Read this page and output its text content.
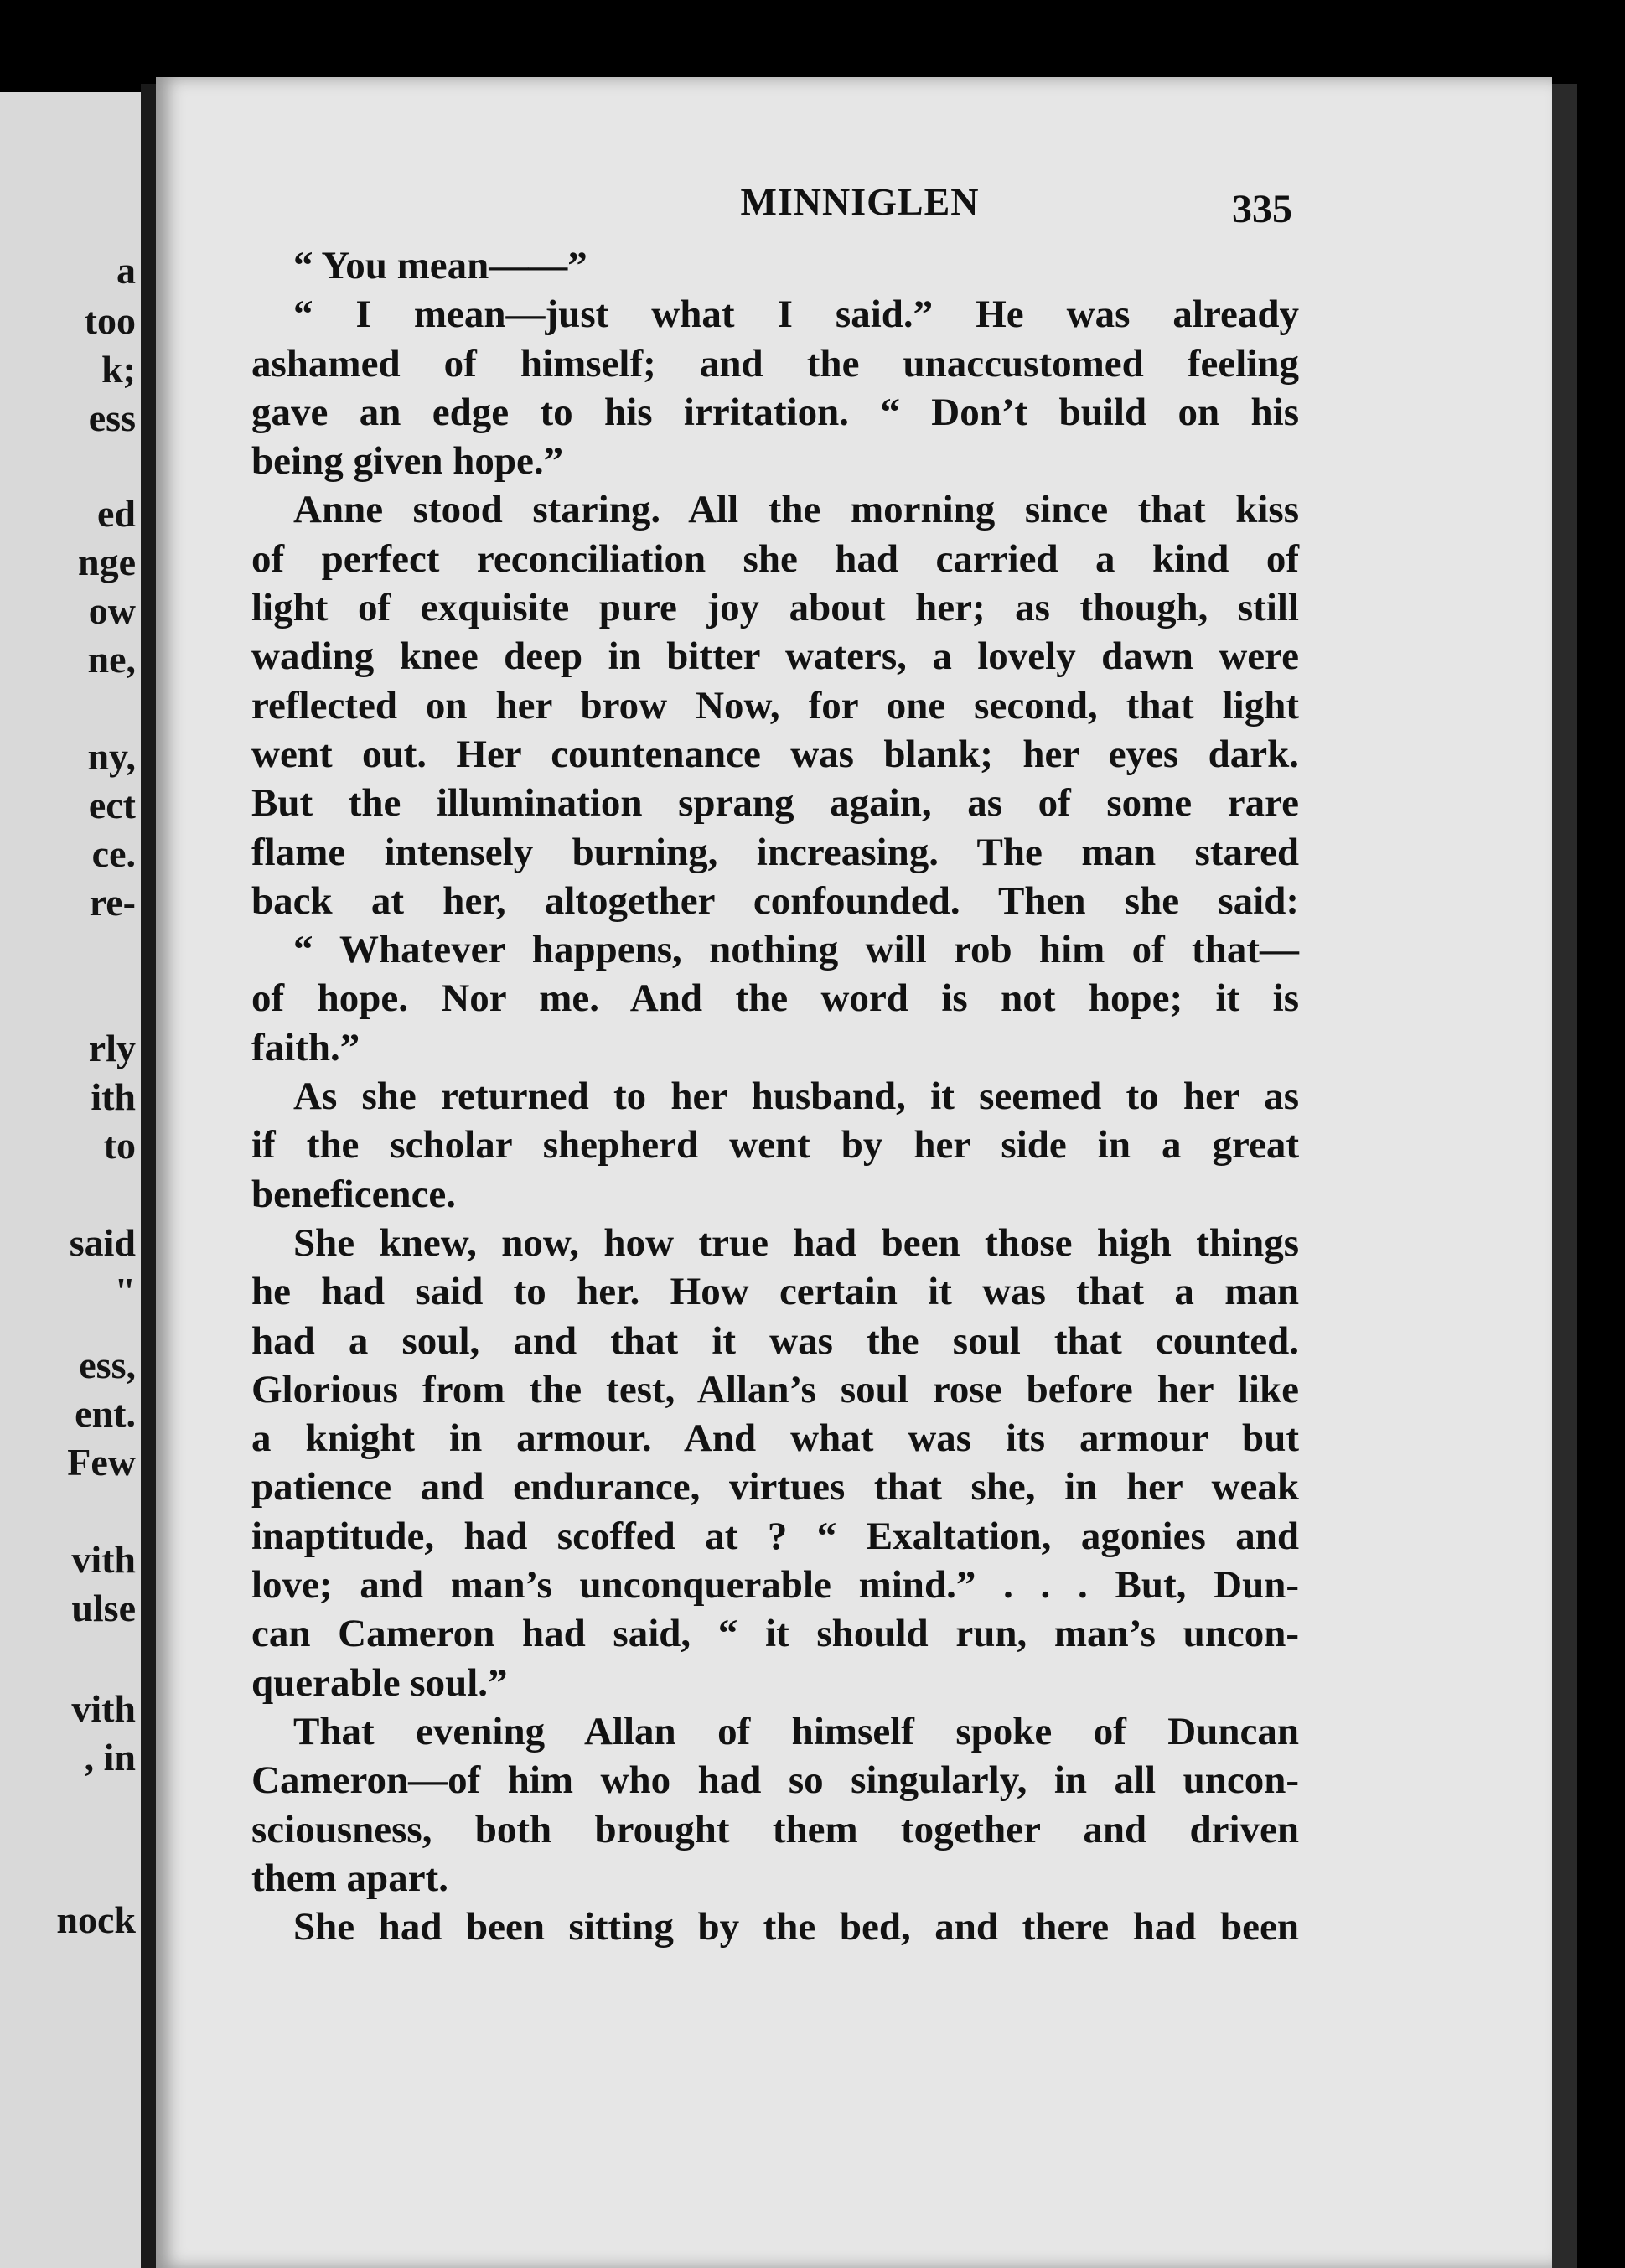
a
too
k;
ess
ed
nge
ow
ne,
ny,
ect
ce.
re-
rly
ith
to
said
"
ess,
ent.
Few
vith
ulse
vith
, in
nock
MINNIGLEN	335
“ You mean——”
“ I mean—just what I said.” He was already
ashamed of himself; and the unaccustomed feeling
gave an edge to his irritation. “ Don’t build on his
being given hope.”
Anne stood staring. All the morning since that kiss
of perfect reconciliation she had carried a kind of
light of exquisite pure joy about her; as though, still
wading knee deep in bitter waters, a lovely dawn were
reflected on her brow Now, for one second, that light
went out. Her countenance was blank; her eyes dark.
But the illumination sprang again, as of some rare
flame intensely burning, increasing. The man stared
back at her, altogether confounded. Then she said:
“ Whatever happens, nothing will rob him of that—
of hope. Nor me. And the word is not hope; it is
faith.”
As she returned to her husband, it seemed to her as
if the scholar shepherd went by her side in a great
beneficence.
She knew, now, how true had been those high things
he had said to her. How certain it was that a man
had a soul, and that it was the soul that counted.
Glorious from the test, Allan’s soul rose before her like
a knight in armour. And what was its armour but
patience and endurance, virtues that she, in her weak
inaptitude, had scoffed at ? “ Exaltation, agonies and
love; and man’s unconquerable mind.” . . . But, Dun-
can Cameron had said, “ it should run, man’s uncon-
querable soul.”
That evening Allan of himself spoke of Duncan
Cameron—of him who had so singularly, in all uncon-
sciousness, both brought them together and driven
them apart.
She had been sitting by the bed, and there had been
